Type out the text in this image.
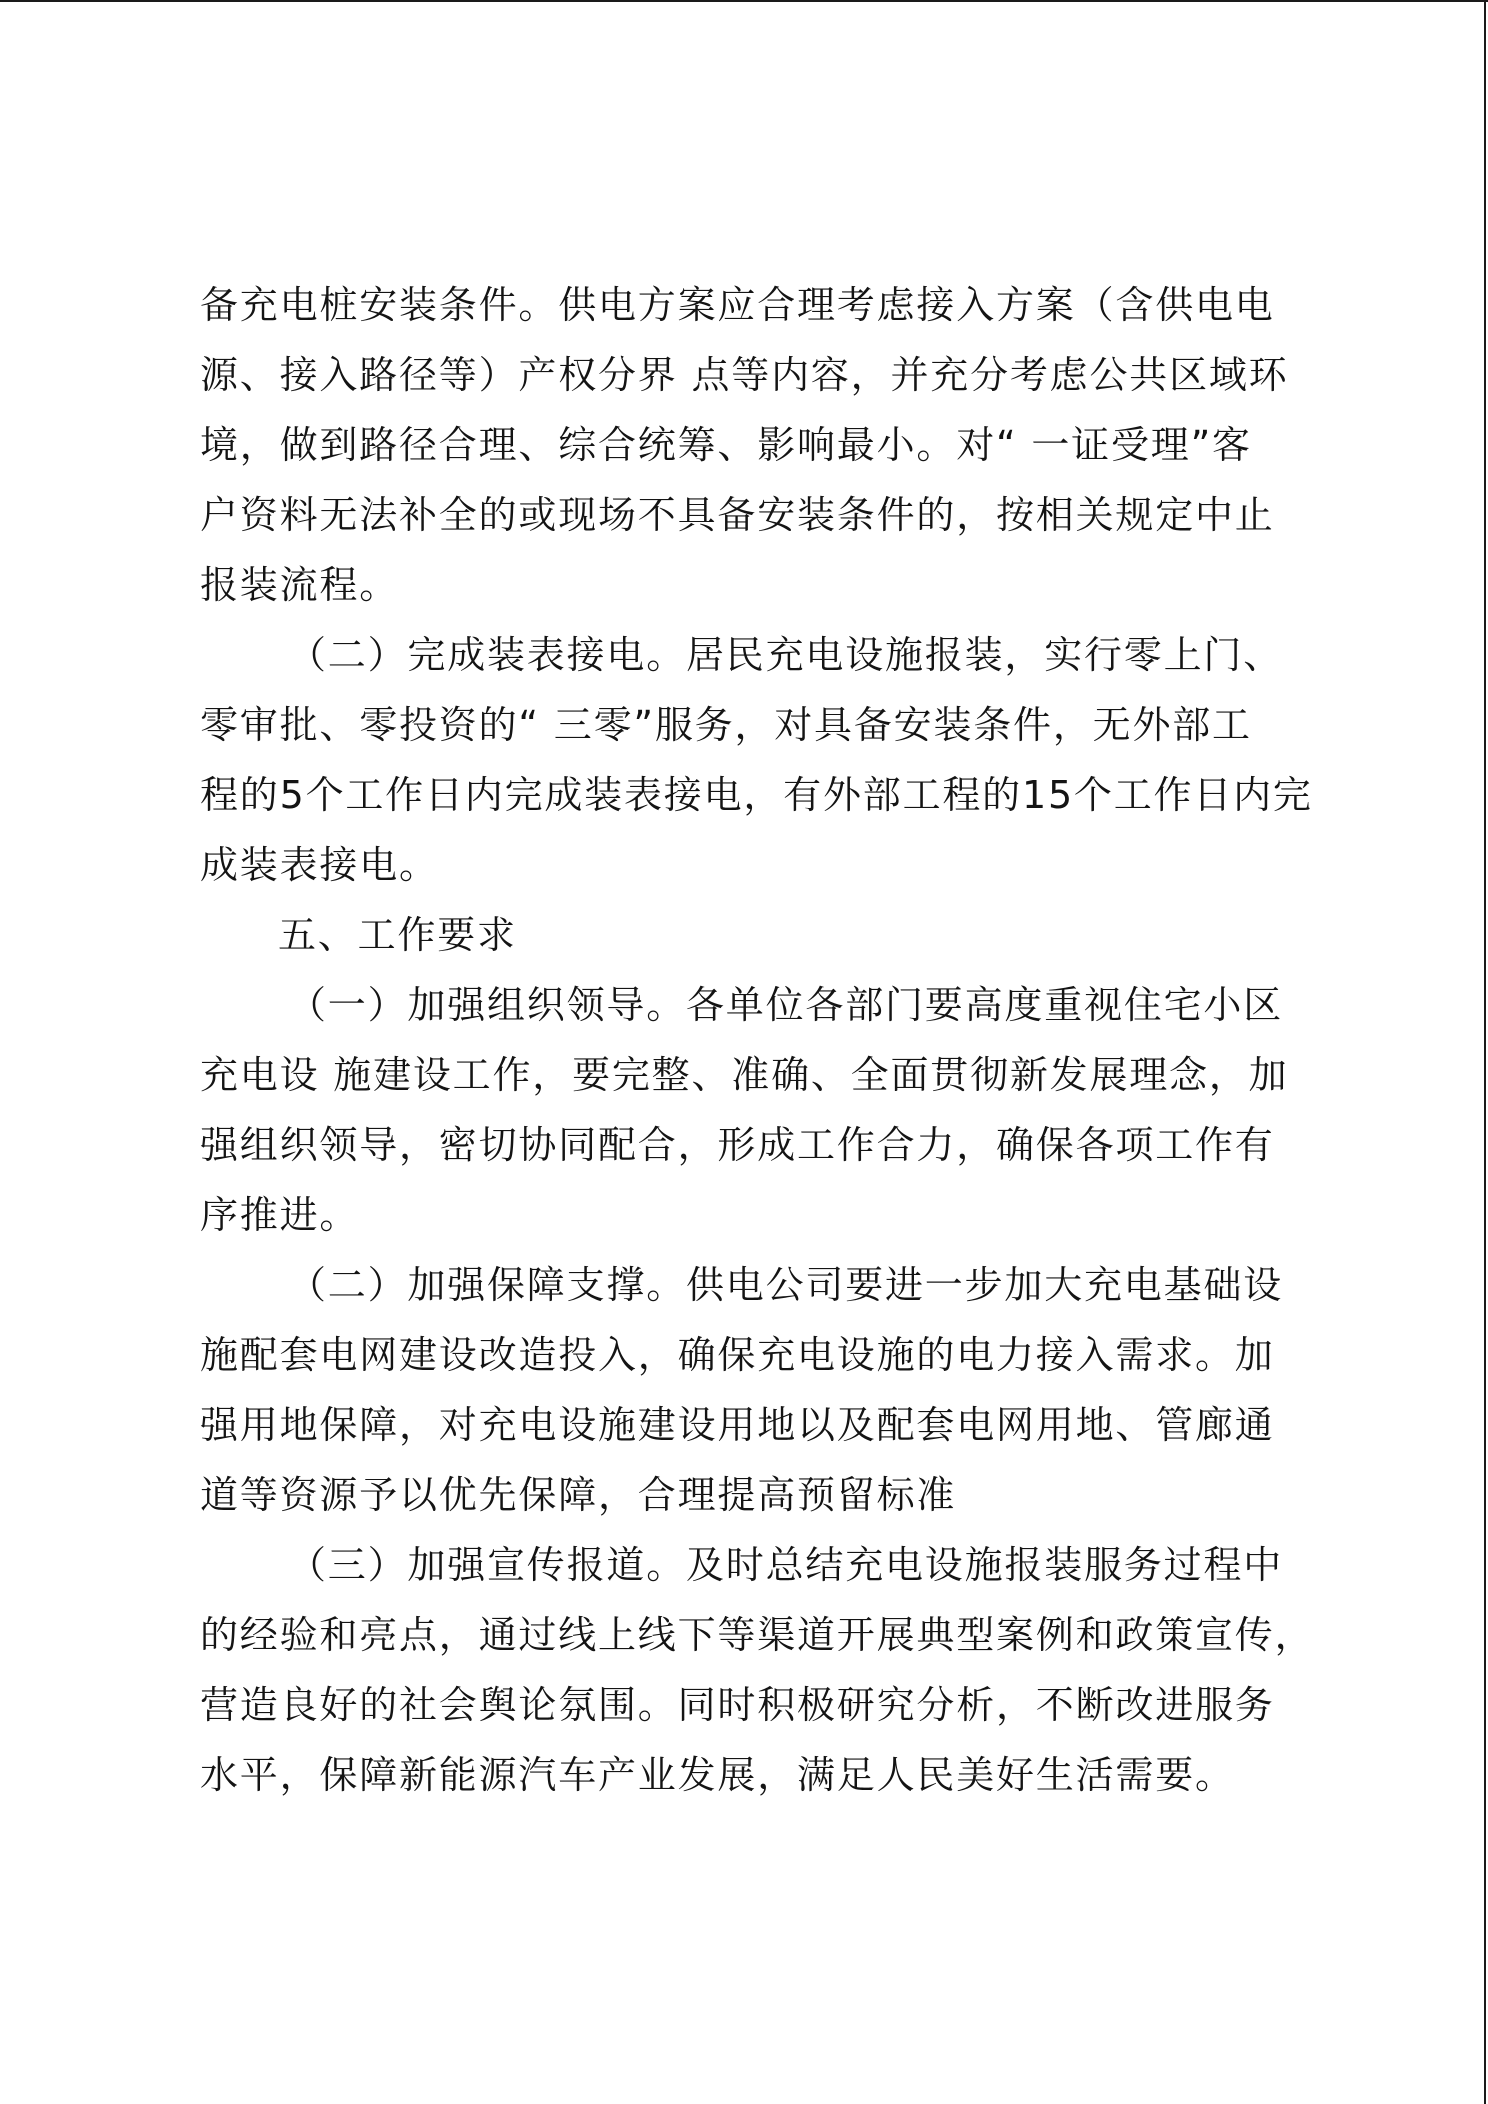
备充电桩安装条件。供电方案应合理考虑接入方案（含供电电
源、接入路径等）产权分界 点等内容，并充分考虑公共区域环
境，做到路径合理、综合统筹、影响最小。对“ 一证受理”客
户资料无法补全的或现场不具备安装条件的，按相关规定中止
报装流程。
（二）完成装表接电。居民充电设施报装，实行零上门、
零审批、零投资的“ 三零”服务，对具备安装条件，无外部工
程的5个工作日内完成装表接电，有外部工程的15个工作日内完
成装表接电。
五、工作要求
（一）加强组织领导。各单位各部门要高度重视住宅小区
充电设 施建设工作，要完整、准确、全面贯彻新发展理念，加
强组织领导，密切协同配合，形成工作合力，确保各项工作有
序推进。
（二）加强保障支撑。供电公司要进一步加大充电基础设
施配套电网建设改造投入，确保充电设施的电力接入需求。加
强用地保障，对充电设施建设用地以及配套电网用地、管廊通
道等资源予以优先保障，合理提高预留标准
（三）加强宣传报道。及时总结充电设施报装服务过程中
的经验和亮点，通过线上线下等渠道开展典型案例和政策宣传，
营造良好的社会舆论氛围。同时积极研究分析，不断改进服务
水平，保障新能源汽车产业发展，满足人民美好生活需要。
